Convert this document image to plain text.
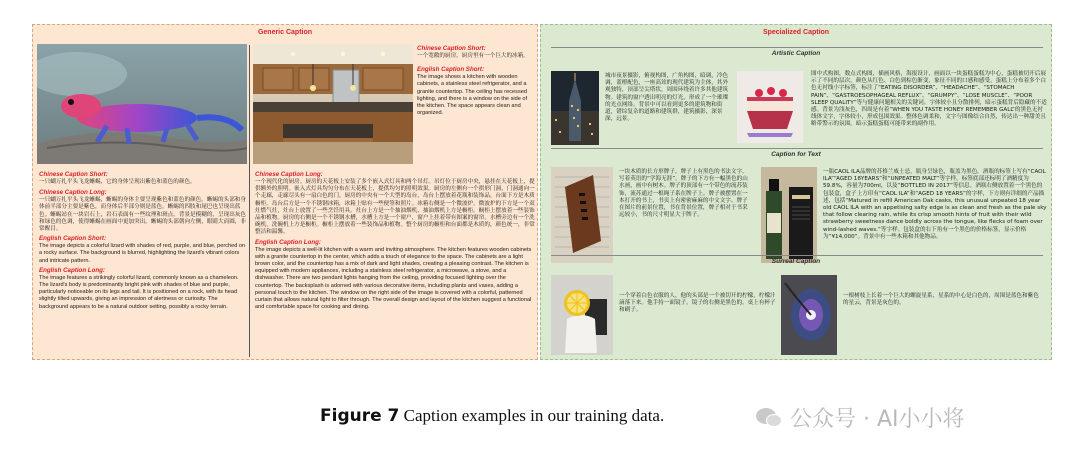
Generic Caption
Chinese Caption Short:
一个宽敞的厨房，厨房里有一个巨大的冰箱。
English Caption Short:
The image shows a kitchen with wooden cabinets, a stainless steel refrigerator, and a granite countertop. The ceiling has recessed lighting, and there is a window on the side of the kitchen. The space appears clean and organized.
Chinese Caption Short:
一只蝴万扎平头飞龙蜥蜴，它的身体呈现出紫色和蓝色的颜色。
Chinese Caption Long:
一只蝴万扎平头飞龙蜥蜴，蜥蜴的身体主要呈现紫色和蓝色的颜色。蜥蜴的头部和身体前半部分主要是紫色，而身体后半部分则是蓝色。蜥蜴的四肢和尾巴也呈现出蓝色。蜥蜴站在一块岩石上，岩石表面有一些纹理和斑点。背景是模糊的，呈现出灰色和绿色的色调，使得蜥蜴在画面中更加突出。蜥蜴的头部朝向左侧，眼睛大而圆，非常醒目。
English Caption Short:
The image depicts a colorful lizard with shades of red, purple, and blue, perched on a rocky surface. The background is blurred, highlighting the lizard's vibrant colors and intricate pattern.
English Caption Long:
The image features a strikingly colorful lizard, commonly known as a chameleon. The lizard's body is predominantly bright pink with shades of blue and purple, particularly noticeable on its legs and tail. It is positioned on a rock, with its head slightly tilted upwards, giving an impression of alertness or curiosity. The background appears to be a natural outdoor setting, possibly a rocky terrain.
Chinese Caption Long:
一个现代化的厨房。厨房的天花板上安装了多个嵌入式灯具和两个吊灯。吊灯位于厨房中央，悬挂在天花板上，提供额外的照明。嵌入式灯具均匀分布在天花板上，提供均匀的照明效果。厨房的左侧有一个拱形门洞，门洞通向一个走廊，走廊尽头有一扇白色的门。厨房的中央有一个大型的岛台，岛台上摆放着花瓶和装饰品，台面下方是木质橱柜。岛台后方是一个不锈钢冰箱，冰箱上贴有一些便签和照片。冰箱右侧是一个微波炉，微波炉的下方是一个双灶燃气灶，灶台上放置了一些烹饪用具。灶台上方是一个抽油烟机，抽油烟机上方是橱柜。橱柜上摆放着一些装饰品和植物。厨房的右侧是一个不锈钢水槽，水槽上方是一个窗户，窗户上挂着带有图案的窗帘。水槽旁边有一个洗碗机，洗碗机上方是橱柜。橱柜上摆放着一些装饰品和植物。整个厨房的橱柜和台面都是木质的，颜色统一，非常整洁和温馨。
English Caption Long:
The image depicts a well-lit kitchen with a warm and inviting atmosphere. The kitchen features wooden cabinets with a granite countertop in the center, which adds a touch of elegance to the space. The cabinets are a light brown color, and the countertop has a mix of dark and light shades, creating a pleasing contrast. The kitchen is equipped with modern appliances, including a stainless steel refrigerator, a microwave, a stove, and a dishwasher. There are two pendant lights hanging from the ceiling, providing focused lighting over the countertop. The backsplash is adorned with various decorative items, including plants and vases, adding a personal touch to the kitchen. The window on the right side of the image is covered with a colorful, patterned curtain that allows natural light to filter through. The overall design and layout of the kitchen suggest a functional and comfortable space for cooking and dining.
Specialized Caption
Artistic Caption
城市夜景摄影，俯视构图，广角构图，暗调，冷色调，蓝橙配色，一座高耸的现代建筑为主体，其外观独特，顶部呈尖塔状，周围环绕着许多其他建筑物。建筑的窗户透出明亮的灯光，形成了一个璀璨的光点网络。背景中可以看到更多的建筑物和街道，错综复杂的道路和建筑群，建筑摄影，深景深，远景。
图中式构图，数点式构图，插画风格，海报设计，画面以一块蛋糕蛋糕为中心，蛋糕被切开后展示了不同的层次，颜色从红色、白色到棕色渐变，象征不同的口感和感受。蛋糕上分布着多个白色无衬线小字标签，标注了“EATING DISORDER”、“HEADACHE”、“STOMACH PAIN”、“GASTROESOPHAGEAL REFLUX”、“GRUMPY”、“LOSE MUSCLE”、“POOR SLEEP QUALITY”等与健康问题相关的关键词。字体较小且分散排列，暗示蛋糕背后隐藏的不适感。背景为浅灰色，四周是有着“WHEN YOU TASTE HONEY REMEMBER GALL”的黑色无衬线体文字，字体较小，形成包围效果。整体色调柔和，文字与图像结合自然，传达出一种甜美且略带警示的氛围，暗示蛋糕蛋糕可能带来的副作用。
Caption for Text
一块木质的长方形牌子，牌子上有黑色的书法文字，写着英语的“学海无涯”。牌子的下方有一幅黑色的山水画，画中有树木。牌子的顶部有一个带色的流苏装饰，流苏通过一根绳子系在牌子上。牌子被摆置在一本打开的书上，书页上有密密麻麻的中文文字。牌子在图片的前景位置，书在背景位置，牌子相对于书采远较小，书的尺寸明显大于牌子。
一瓶CAOL ILA品牌的苏格兰威士忌，瓶身呈绿色，瓶盖为黑色。酒瓶的标签上写有“CAOL ILA”“AGED 18YEARS”和“UNPEATED MALT”等字样，标签底部还标明了酒精度为59.8%，容量为700ml，以及“BOTTLED IN 2017”等信息。酒瓶右侧放置着一个黑色的包装盒，盒子上方印有“CAOL ILA”和“AGED 18 YEARS”的字样，下方则有详细的产品描述，包括“Matured in refill American Oak casks, this unusual unpeated 18 year old CAOL ILA with an appetising salty edge is as clean and fresh as the pale sky that follow clearing rain, while its crisp smooth hints of fruit with their wild strawberry sweetness dance boldly across the tongue, like flecks of foam over wind-lashed waves.”等字样。包装盒的右下角有一个黑色的价格标签，显示价格为“¥14,000”。背景中有一些木箱和其他物品。
Surreal Caption
一个穿着白色衣服的人，他的头部是一个被切开的柠檬，柠檬汁滴落下来。他手持一面镜子，镜子的右侧是黑色的。桌上有杯子和刷子。
一根树枝上长着一个巨大的螺旋星系，星系的中心是白色的，周围是蓝色和紫色的星云，背景是灰色的。
Figure 7 Caption examples in our training data.	公众号 · AI小小将
